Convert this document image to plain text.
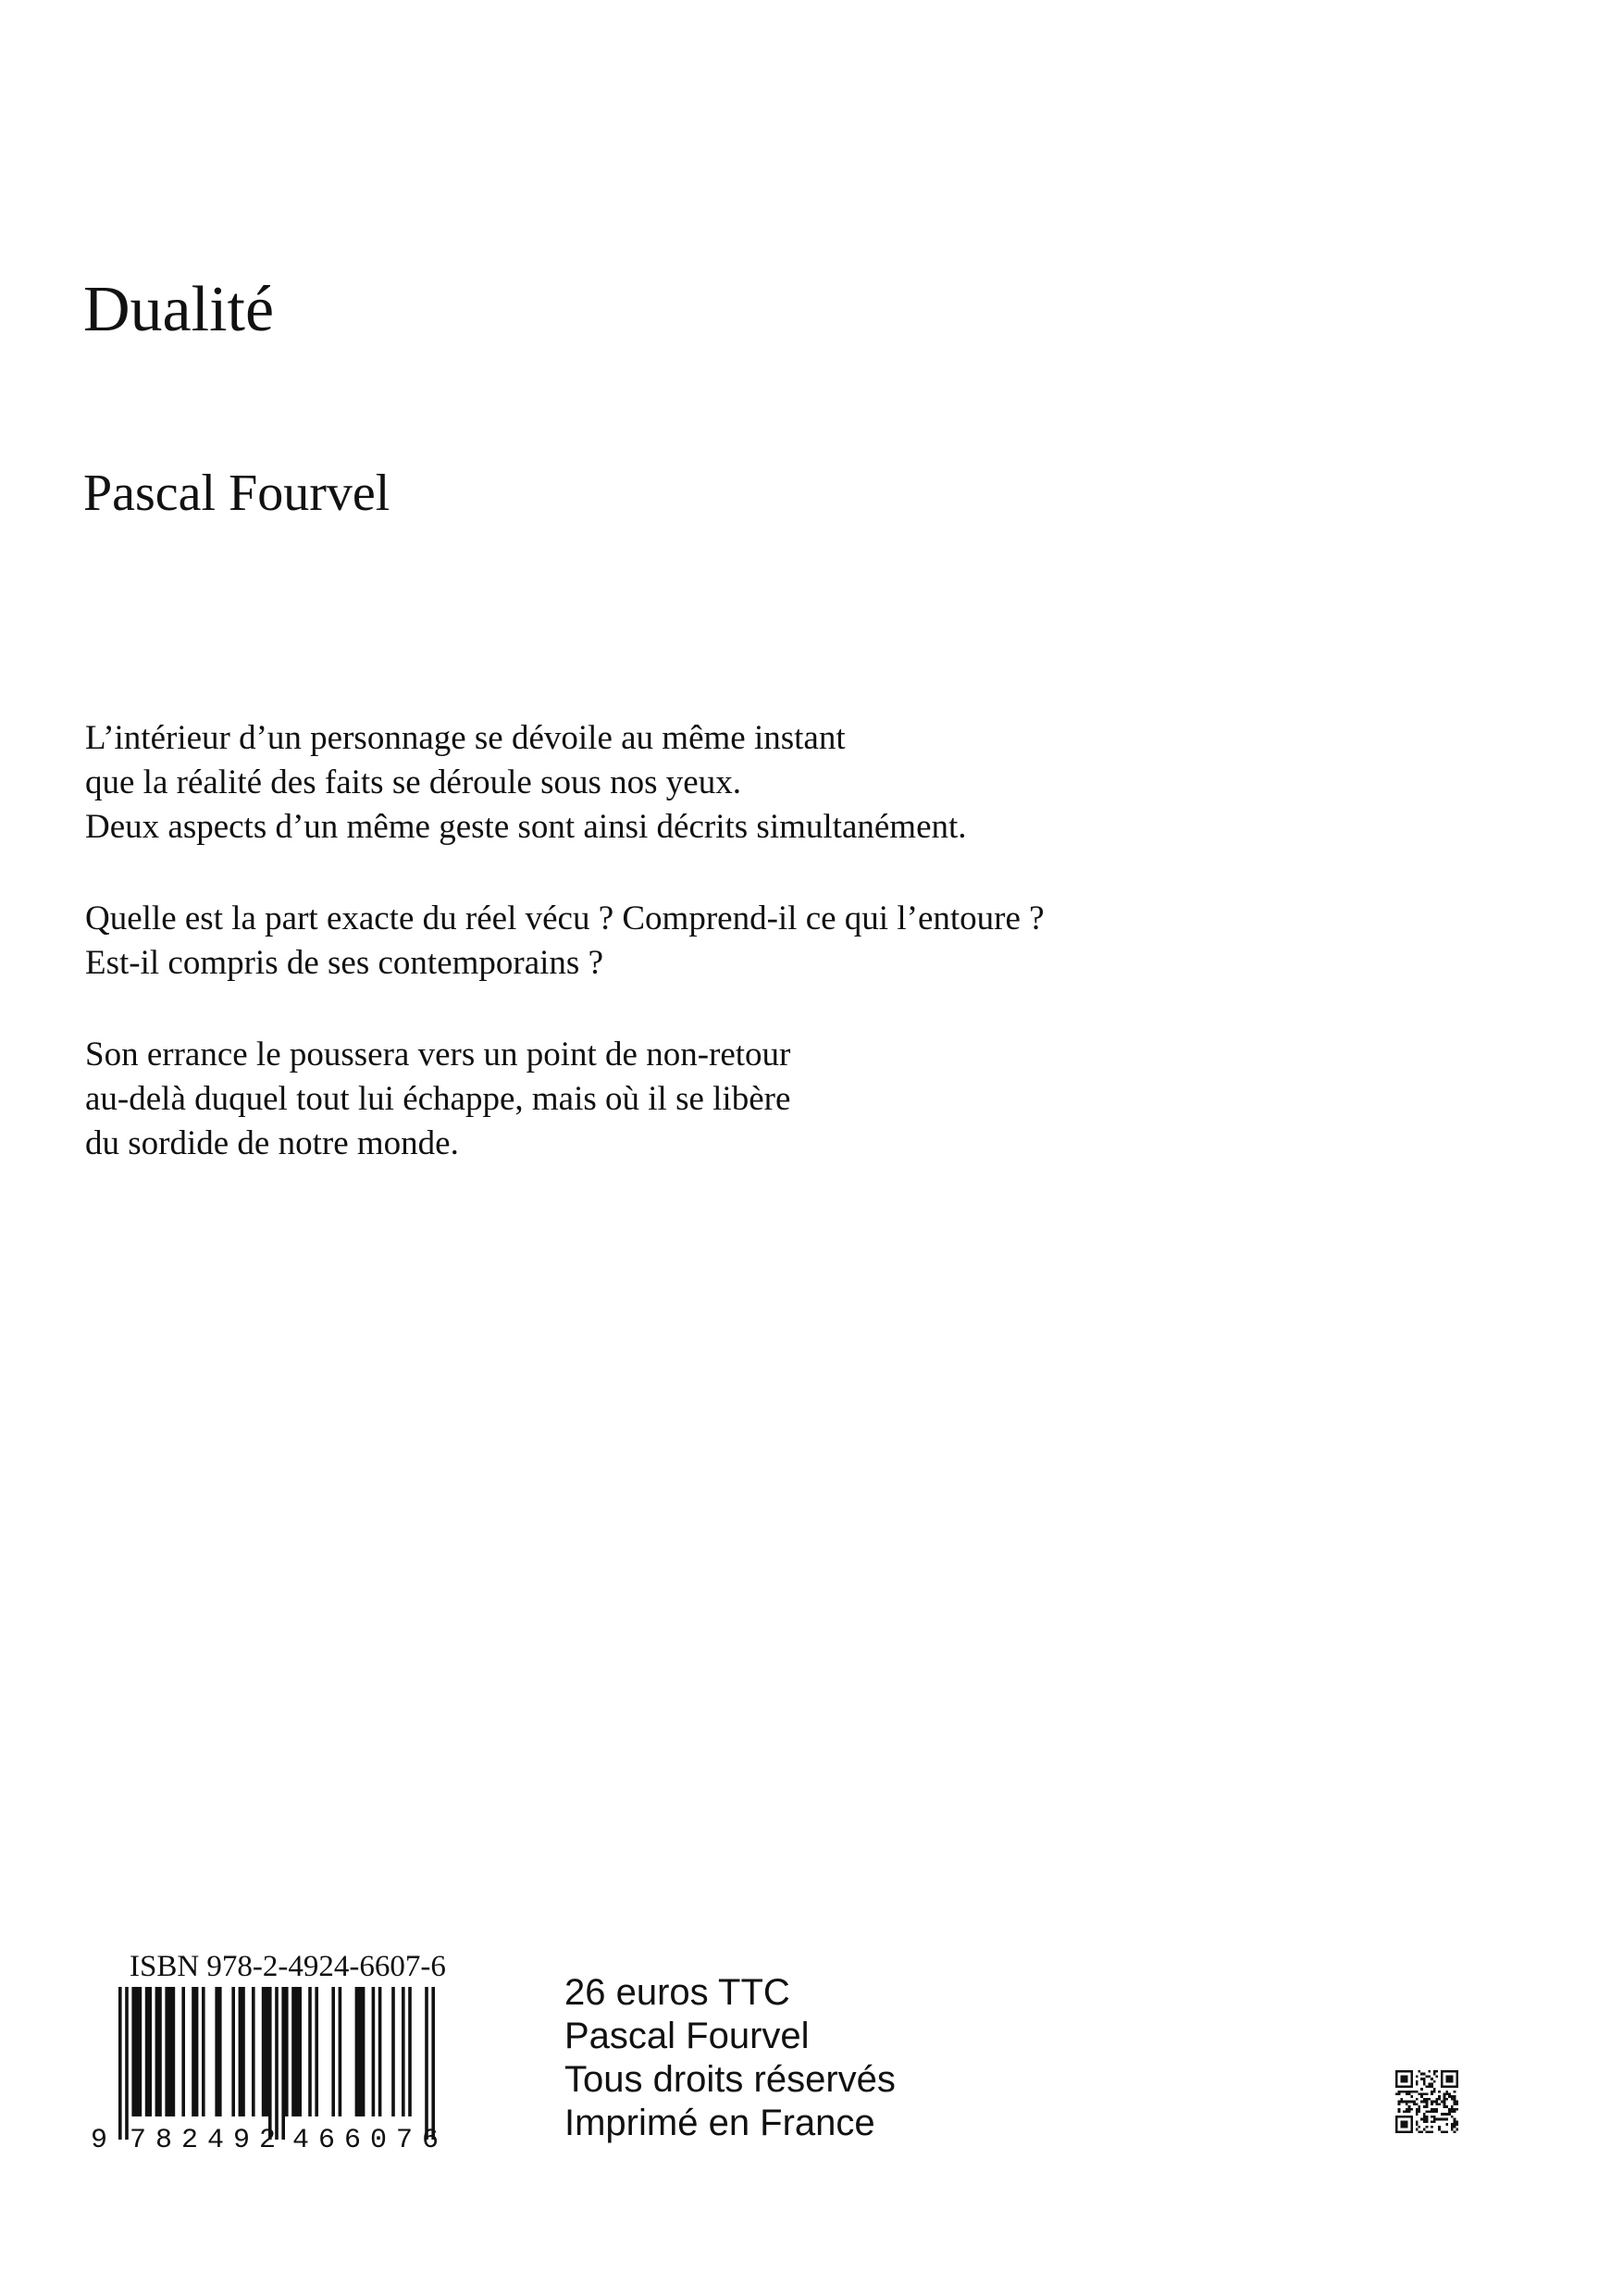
Dualité
Pascal Fourvel

L’intérieur d’un personnage se dévoile au même instant
que la réalité des faits se déroule sous nos yeux.
Deux aspects d’un même geste sont ainsi décrits simultanément.

Quelle est la part exacte du réel vécu ? Comprend-il ce qui l’entoure ?
Est-il compris de ses contemporains ?

Son errance le poussera vers un point de non-retour
au-delà duquel tout lui échappe, mais où il se libère
du sordide de notre monde.

ISBN 978-2-4924-6607-6
9 782492 466076
26 euros TTC
Pascal Fourvel
Tous droits réservés
Imprimé en France
